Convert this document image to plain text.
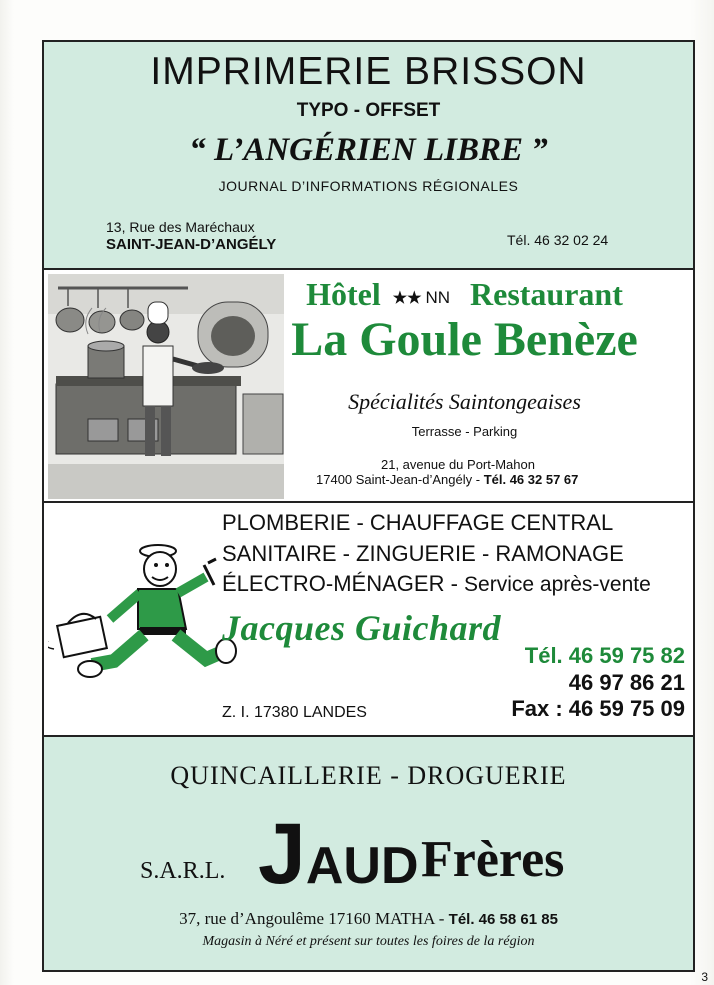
IMPRIMERIE BRISSON
TYPO - OFFSET
“ L’ANGÉRIEN LIBRE ”
JOURNAL D’INFORMATIONS RÉGIONALES
13, Rue des Maréchaux
SAINT-JEAN-D’ANGÉLY	Tél. 46 32 02 24
Hôtel ★★ NN Restaurant
La Goule Benèze
Spécialités Saintongeaises
Terrasse - Parking
21, avenue du Port-Mahon
17400 Saint-Jean-d’Angély - Tél. 46 32 57 67
PLOMBERIE - CHAUFFAGE CENTRAL
SANITAIRE - ZINGUERIE - RAMONAGE
ÉLECTRO-MÉNAGER - Service après-vente
Jacques Guichard
Tél. 46 59 75 82
46 97 86 21
Fax : 46 59 75 09
Z. I. 17380 LANDES
QUINCAILLERIE - DROGUERIE
S.A.R.L. JAUD Frères
37, rue d’Angoulême 17160 MATHA - Tél. 46 58 61 85
Magasin à Néré et présent sur toutes les foires de la région
3
